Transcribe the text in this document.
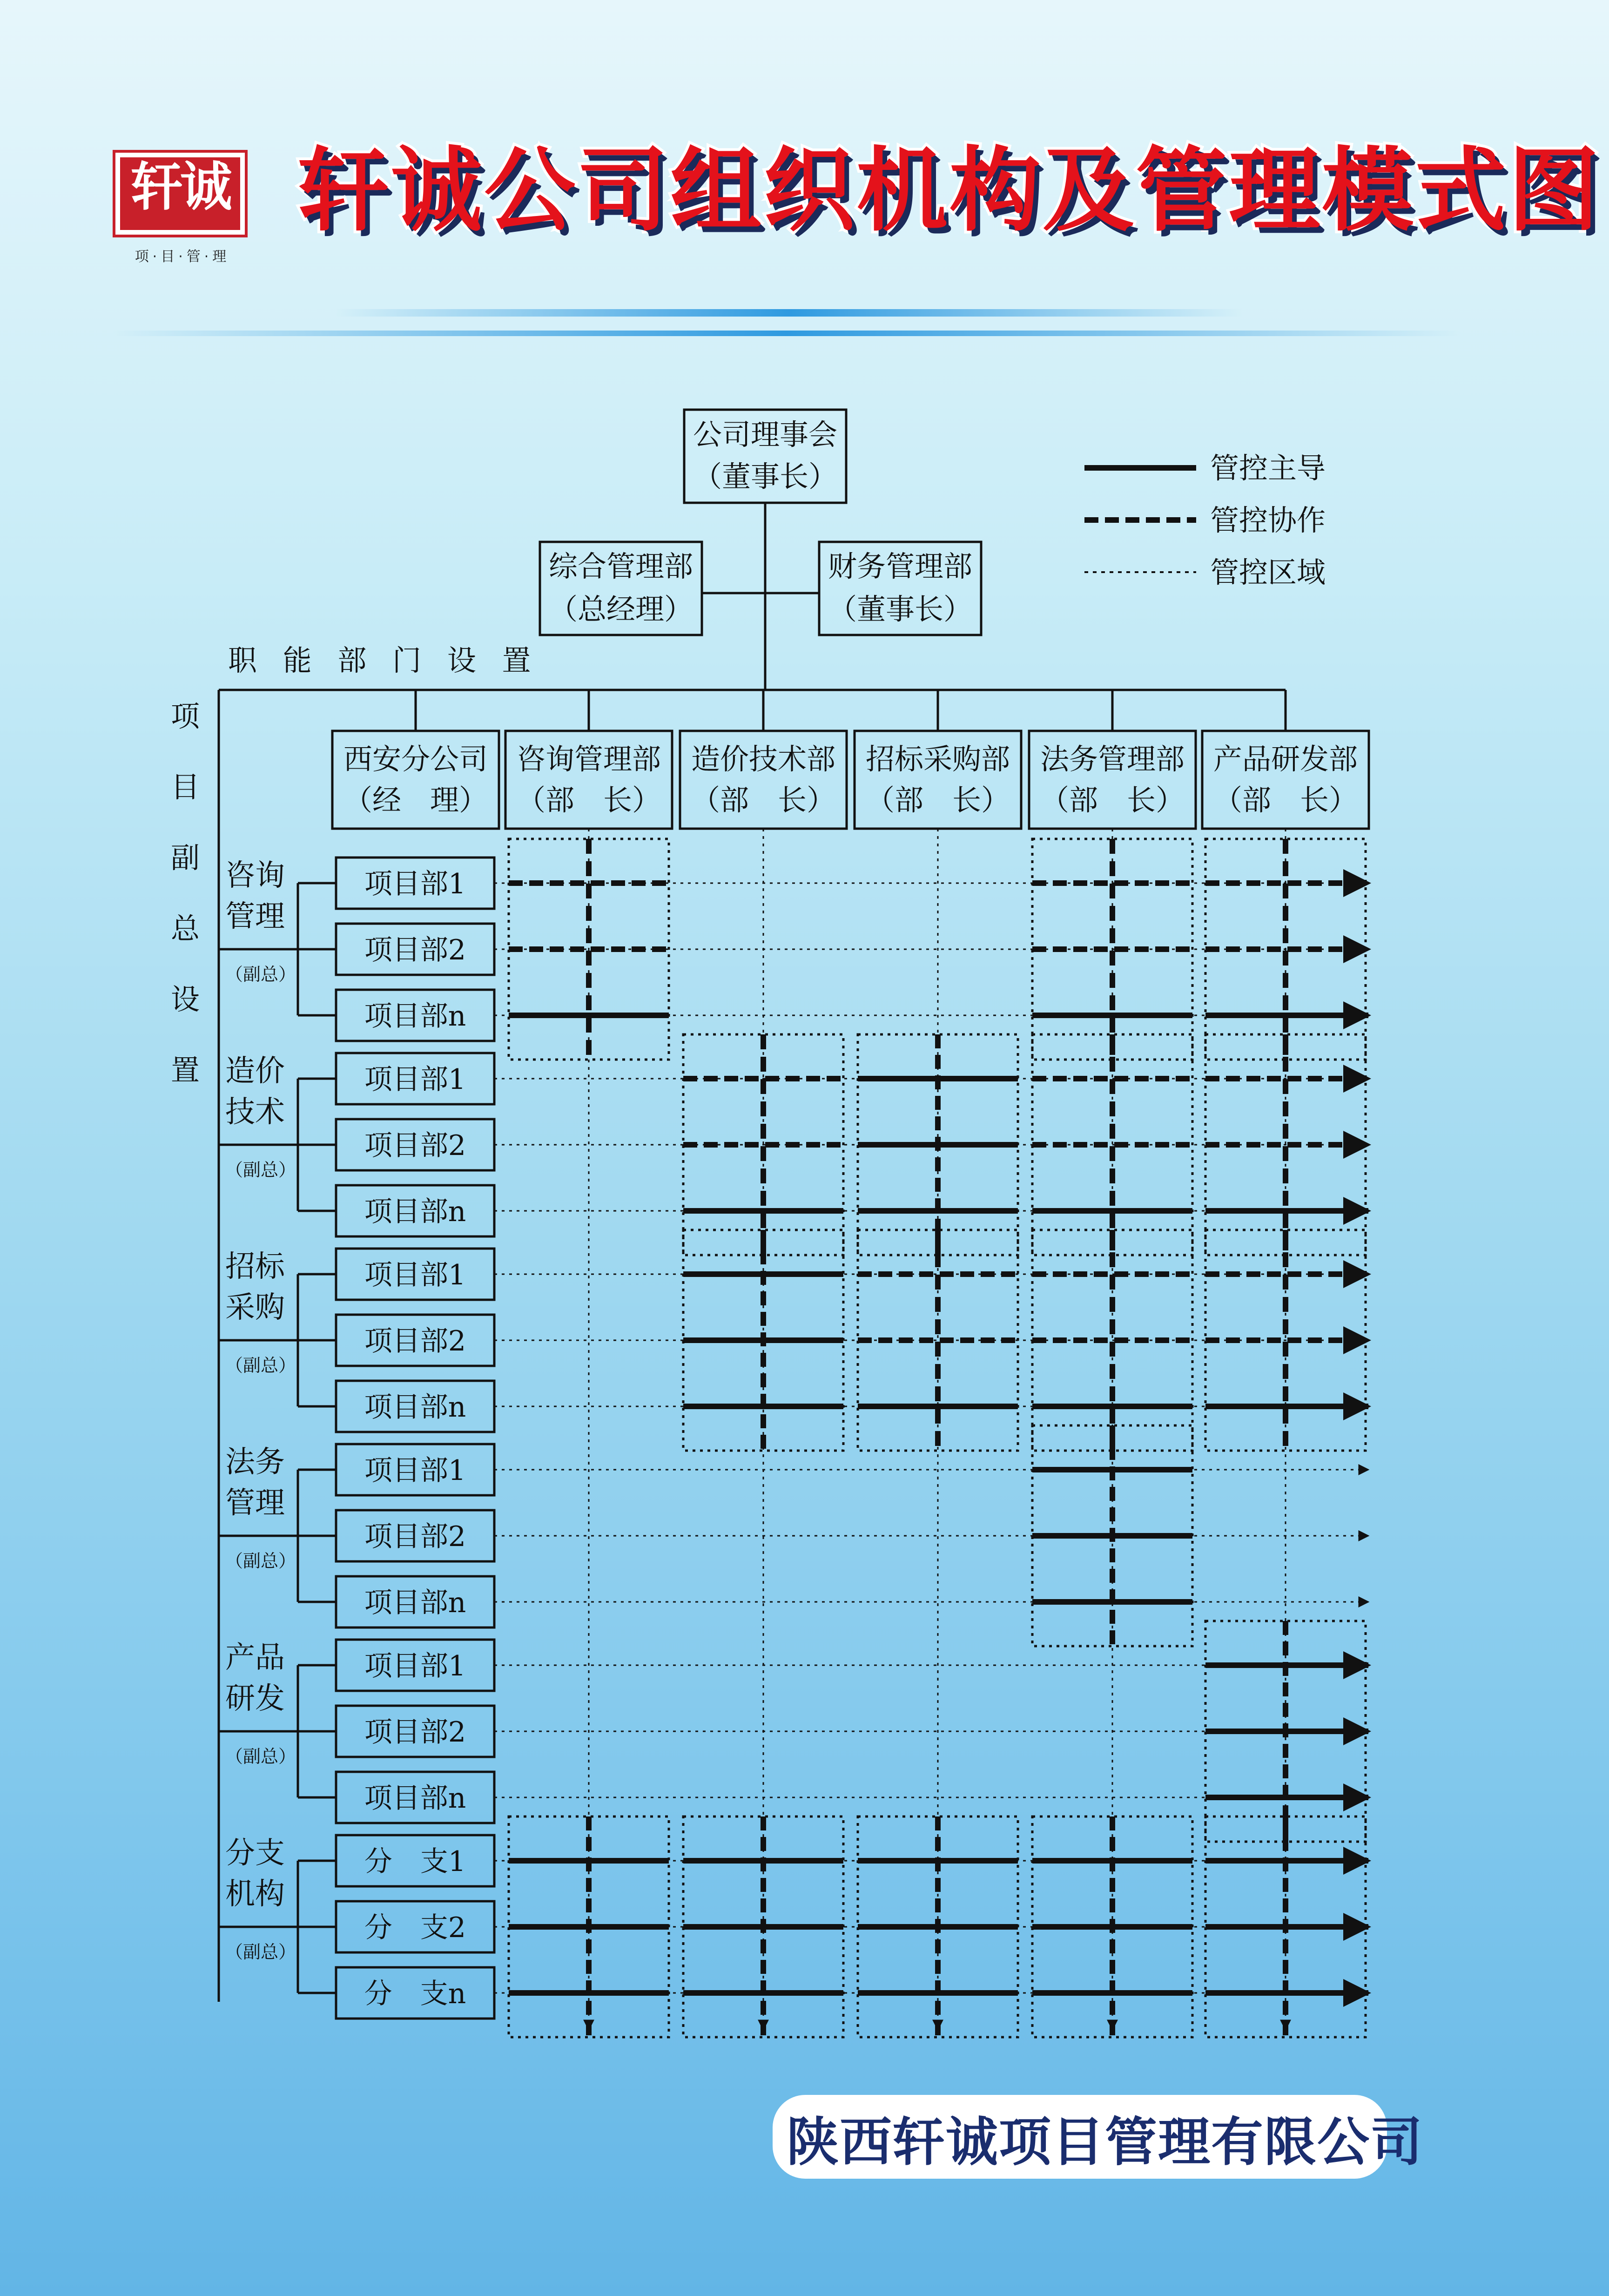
轩诚
项·目·管·理
轩诚公司组织机构及管理模式图
公司理事会
（董事长）
综合管理部
（总经理）
财务管理部
（董事长）
管控主导
管控协作
管控区域
职 能 部 门 设 置
西安分公司
（经　理）
咨询管理部
（部　长）
造价技术部
（部　长）
招标采购部
（部　长）
法务管理部
（部　长）
产品研发部
（部　长）
项
目
副
总
设
置
咨询
管理
（副总）
项目部1
项目部2
项目部n
造价
技术
（副总）
项目部1
项目部2
项目部n
招标
采购
（副总）
项目部1
项目部2
项目部n
法务
管理
（副总）
项目部1
项目部2
项目部n
产品
研发
（副总）
项目部1
项目部2
项目部n
分支
机构
（副总）
分　支1
分　支2
分　支n
陕西轩诚项目管理有限公司
